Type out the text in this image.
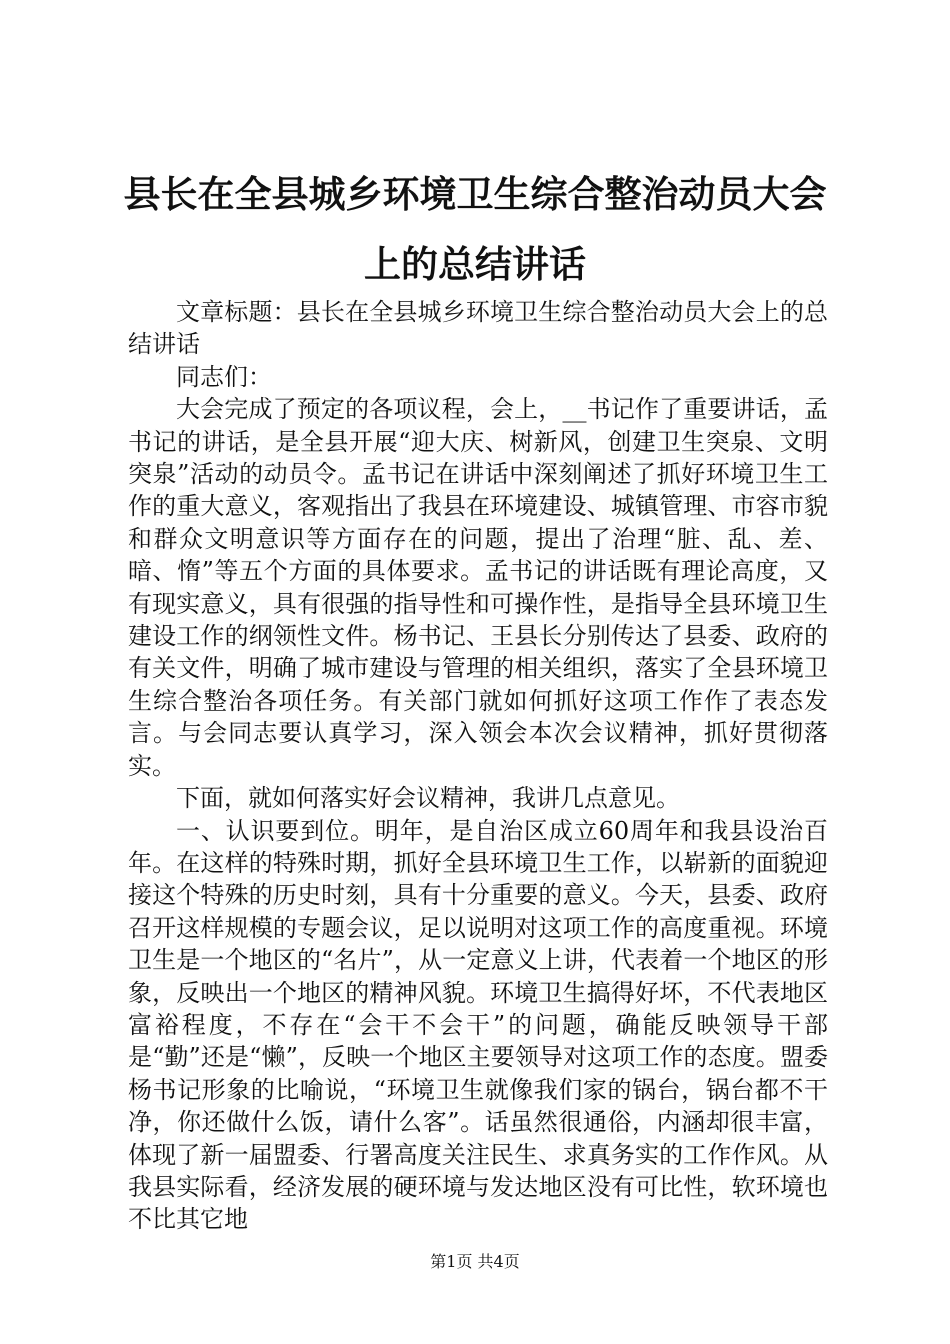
县长在全县城乡环境卫生综合整治动员大会上的总结讲话

文章标题：县长在全县城乡环境卫生综合整治动员大会上的总结讲话

同志们：

大会完成了预定的各项议程，会上，__书记作了重要讲话，孟书记的讲话，是全县开展“迎大庆、树新风，创建卫生突泉、文明突泉”活动的动员令。孟书记在讲话中深刻阐述了抓好环境卫生工作的重大意义，客观指出了我县在环境建设、城镇管理、市容市貌和群众文明意识等方面存在的问题，提出了治理“脏、乱、差、暗、惰”等五个方面的具体要求。孟书记的讲话既有理论高度，又有现实意义，具有很强的指导性和可操作性，是指导全县环境卫生建设工作的纲领性文件。杨书记、王县长分别传达了县委、政府的有关文件，明确了城市建设与管理的相关组织，落实了全县环境卫生综合整治各项任务。有关部门就如何抓好这项工作作了表态发言。与会同志要认真学习，深入领会本次会议精神，抓好贯彻落实。

下面，就如何落实好会议精神，我讲几点意见。

一、认识要到位。明年，是自治区成立60周年和我县设治百年。在这样的特殊时期，抓好全县环境卫生工作，以崭新的面貌迎接这个特殊的历史时刻，具有十分重要的意义。今天，县委、政府召开这样规模的专题会议，足以说明对这项工作的高度重视。环境卫生是一个地区的“名片”，从一定意义上讲，代表着一个地区的形象，反映出一个地区的精神风貌。环境卫生搞得好坏，不代表地区富裕程度，不存在“会干不会干”的问题，确能反映领导干部是“勤”还是“懒”，反映一个地区主要领导对这项工作的态度。盟委杨书记形象的比喻说，“环境卫生就像我们家的锅台，锅台都不干净，你还做什么饭，请什么客”。话虽然很通俗，内涵却很丰富，体现了新一届盟委、行署高度关注民生、求真务实的工作作风。从我县实际看，经济发展的硬环境与发达地区没有可比性，软环境也不比其它地

第1页 共4页
